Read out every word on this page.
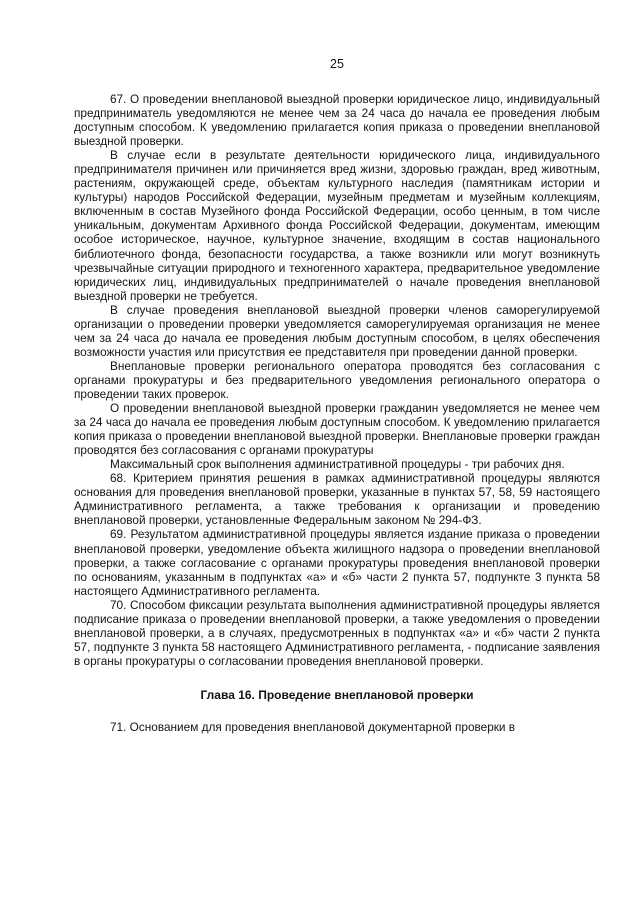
25

67. О проведении внеплановой выездной проверки юридическое лицо, индивидуальный предприниматель уведомляются не менее чем за 24 часа до начала ее проведения любым доступным способом. К уведомлению прилагается копия приказа о проведении внеплановой выездной проверки.

В случае если в результате деятельности юридического лица, индивидуального предпринимателя причинен или причиняется вред жизни, здоровью граждан, вред животным, растениям, окружающей среде, объектам культурного наследия (памятникам истории и культуры) народов Российской Федерации, музейным предметам и музейным коллекциям, включенным в состав Музейного фонда Российской Федерации, особо ценным, в том числе уникальным, документам Архивного фонда Российской Федерации, документам, имеющим особое историческое, научное, культурное значение, входящим в состав национального библиотечного фонда, безопасности государства, а также возникли или могут возникнуть чрезвычайные ситуации природного и техногенного характера, предварительное уведомление юридических лиц, индивидуальных предпринимателей о начале проведения внеплановой выездной проверки не требуется.

В случае проведения внеплановой выездной проверки членов саморегулируемой организации о проведении проверки уведомляется саморегулируемая организация не менее чем за 24 часа до начала ее проведения любым доступным способом, в целях обеспечения возможности участия или присутствия ее представителя при проведении данной проверки.

Внеплановые проверки регионального оператора проводятся без согласования с органами прокуратуры и без предварительного уведомления регионального оператора о проведении таких проверок.

О проведении внеплановой выездной проверки гражданин уведомляется не менее чем за 24 часа до начала ее проведения любым доступным способом. К уведомлению прилагается копия приказа о проведении внеплановой выездной проверки. Внеплановые проверки граждан проводятся без согласования с органами прокуратуры

Максимальный срок выполнения административной процедуры - три рабочих дня.

68. Критерием принятия решения в рамках административной процедуры являются основания для проведения внеплановой проверки, указанные в пунктах 57, 58, 59 настоящего Административного регламента, а также требования к организации и проведению внеплановой проверки, установленные Федеральным законом № 294-ФЗ.

69. Результатом административной процедуры является издание приказа о проведении внеплановой проверки, уведомление объекта жилищного надзора о проведении внеплановой проверки, а также согласование с органами прокуратуры проведения внеплановой проверки по основаниям, указанным в подпунктах «а» и «б» части 2 пункта 57, подпункте 3 пункта 58 настоящего Административного регламента.

70. Способом фиксации результата выполнения административной процедуры является подписание приказа о проведении внеплановой проверки, а также уведомления о проведении внеплановой проверки, а в случаях, предусмотренных в подпунктах «а» и «б» части 2 пункта 57, подпункте 3 пункта 58 настоящего Административного регламента, - подписание заявления в органы прокуратуры о согласовании проведения внеплановой проверки.

Глава 16. Проведение внеплановой проверки

71. Основанием для проведения внеплановой документарной проверки в
